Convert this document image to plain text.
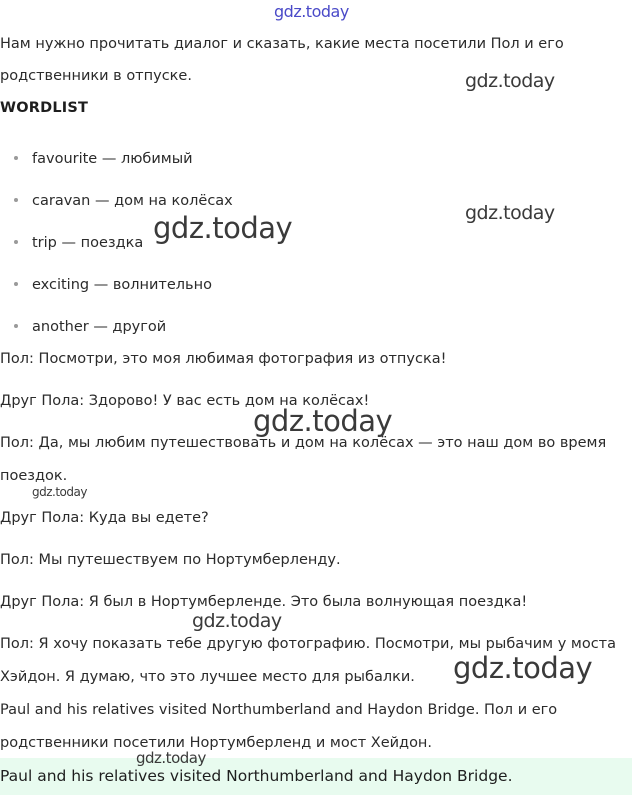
gdz.today
Нам нужно прочитать диалог и сказать, какие места посетили Пол и его
родственники в отпуске.
WORDLIST
favourite — любимый
caravan — дом на колёсах
trip — поездка
exciting — волнительно
another — другой
Пол: Посмотри, это моя любимая фотография из отпуска!
Друг Пола: Здорово! У вас есть дом на колёсах!
Пол: Да, мы любим путешествовать и дом на колёсах — это наш дом во время
поездок.
Друг Пола: Куда вы едете?
Пол: Мы путешествуем по Нортумберленду.
Друг Пола: Я был в Нортумберленде. Это была волнующая поездка!
Пол: Я хочу показать тебе другую фотографию. Посмотри, мы рыбачим у моста
Хэйдон. Я думаю, что это лучшее место для рыбалки.
Paul and his relatives visited Northumberland and Haydon Bridge. Пол и его
родственники посетили Нортумберленд и мост Хейдон.
Paul and his relatives visited Northumberland and Haydon Bridge.
gdz.today
gdz.today
gdz.today
gdz.today
gdz.today
gdz.today
gdz.today
gdz.today
